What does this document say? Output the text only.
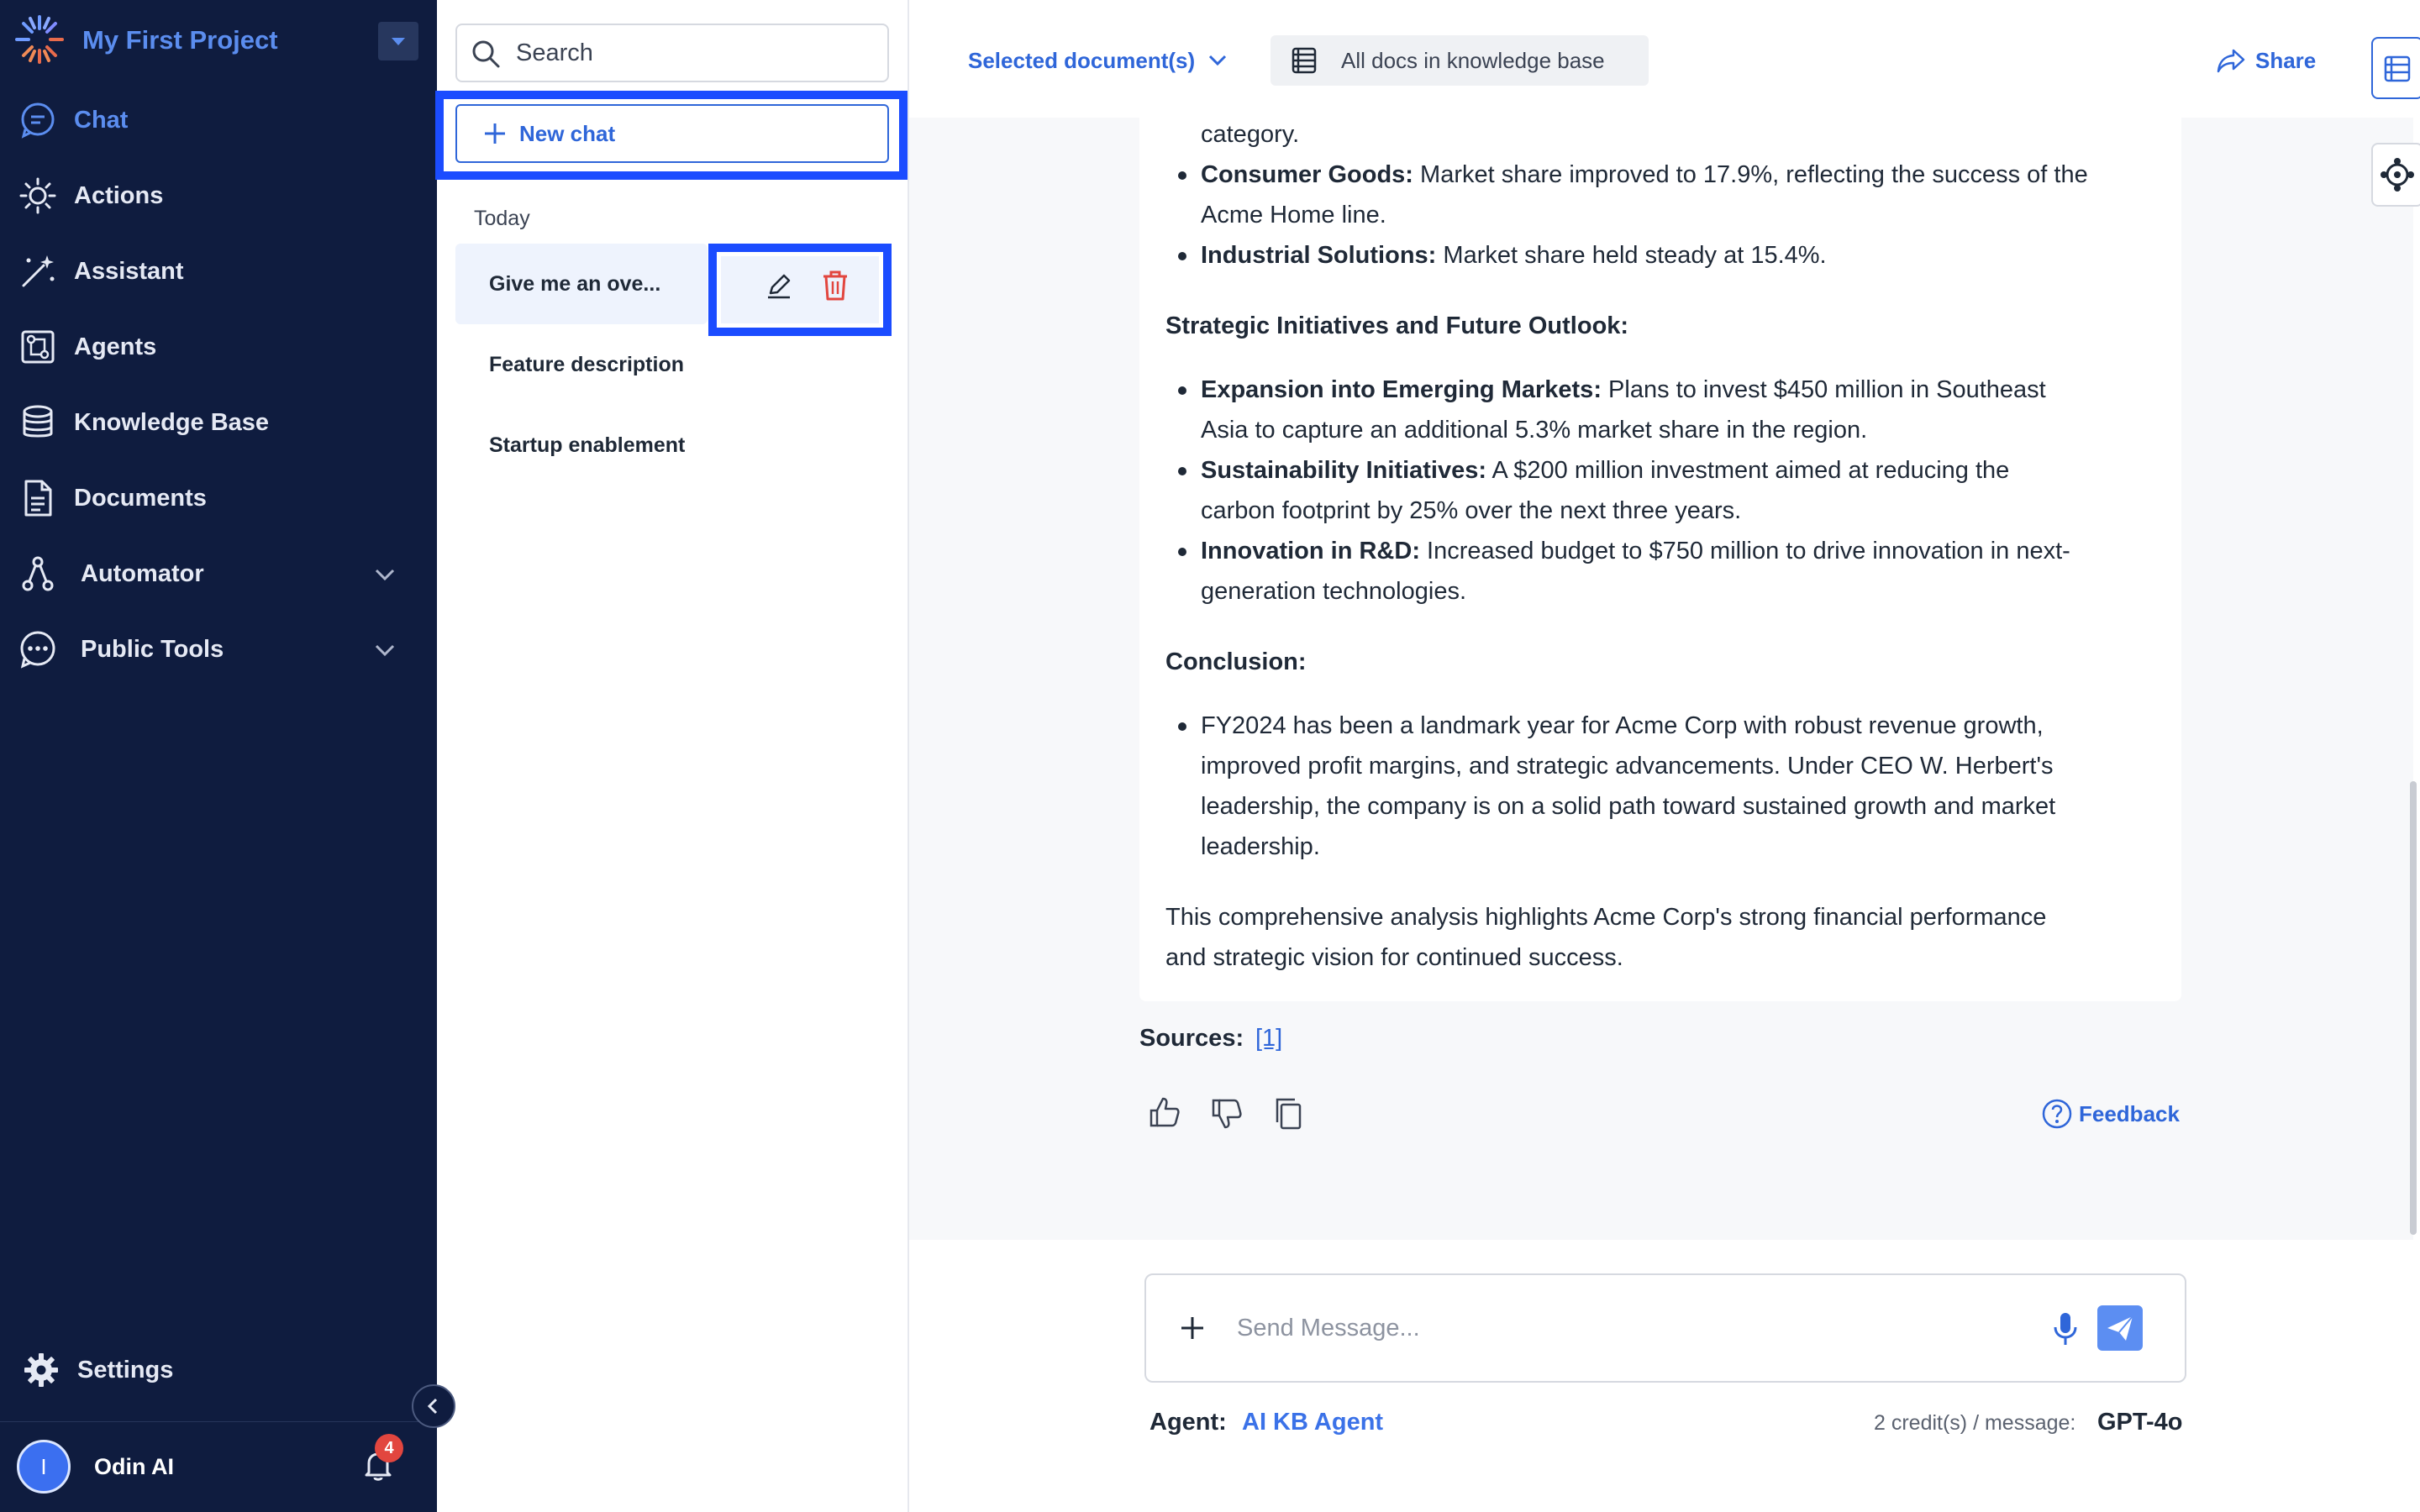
My First Project
Chat
Actions
Assistant
Agents
Knowledge Base
Documents
Automator
Public Tools
Settings
I	Odin AI
4
Search
New chat
Today
Give me an ove...
Feature description
Startup enablement
Selected document(s)	All docs in knowledge base	Share
category.
Consumer Goods: Market share improved to 17.9%, reflecting the success of the
Acme Home line.
Industrial Solutions: Market share held steady at 15.4%.
Strategic Initiatives and Future Outlook:
Expansion into Emerging Markets: Plans to invest $450 million in Southeast
Asia to capture an additional 5.3% market share in the region.
Sustainability Initiatives: A $200 million investment aimed at reducing the
carbon footprint by 25% over the next three years.
Innovation in R&D: Increased budget to $750 million to drive innovation in next-
generation technologies.
Conclusion:
FY2024 has been a landmark year for Acme Corp with robust revenue growth,
improved profit margins, and strategic advancements. Under CEO W. Herbert's
leadership, the company is on a solid path toward sustained growth and market
leadership.
This comprehensive analysis highlights Acme Corp's strong financial performance
and strategic vision for continued success.
Sources: [1]
Feedback
Send Message...
Agent: AI KB Agent	2 credit(s) / message: GPT-4o
